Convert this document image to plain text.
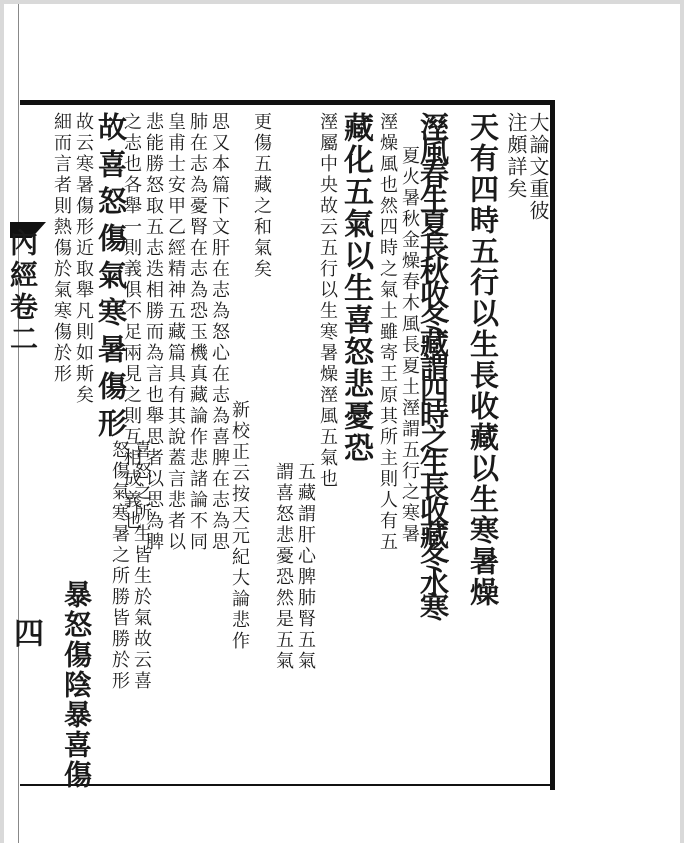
大論文重彼
注頗詳矣
天有四時五行以生長收藏以生寒暑燥
溼風春生夏長秋收冬藏謂四時之生長收藏冬水寒
夏火暑秋金燥春木風長夏土溼謂五行之寒暑
溼燥風也然四時之氣土雖寄王原其所主則人有五
藏化五氣以生喜怒悲憂恐
溼屬中央故云五行以生寒暑燥溼風五氣也
五藏謂肝心脾肺腎五氣
謂喜怒悲憂恐然是五氣
更傷五藏之和氣矣
新校正云按天元紀大論悲作
思又本篇下文肝在志為怒心在志為喜脾在志為思
肺在志為憂腎在志為恐玉機真藏論作悲諸論不同
皇甫士安甲乙經精神五藏篇具有其說蓋言悲者以
悲能勝怒取五志迭相勝而為言也舉思者以思為脾
之志也各舉一則義俱不足兩見之則互相成義也
故喜怒傷氣寒暑傷形
喜怒之所生皆生於氣故云喜
怒傷氣寒暑之所勝皆勝於形
故云寒暑傷形近取舉凡則如斯矣
細而言者則熱傷於氣寒傷於形
暴怒傷陰暴喜傷
內經卷二
四
